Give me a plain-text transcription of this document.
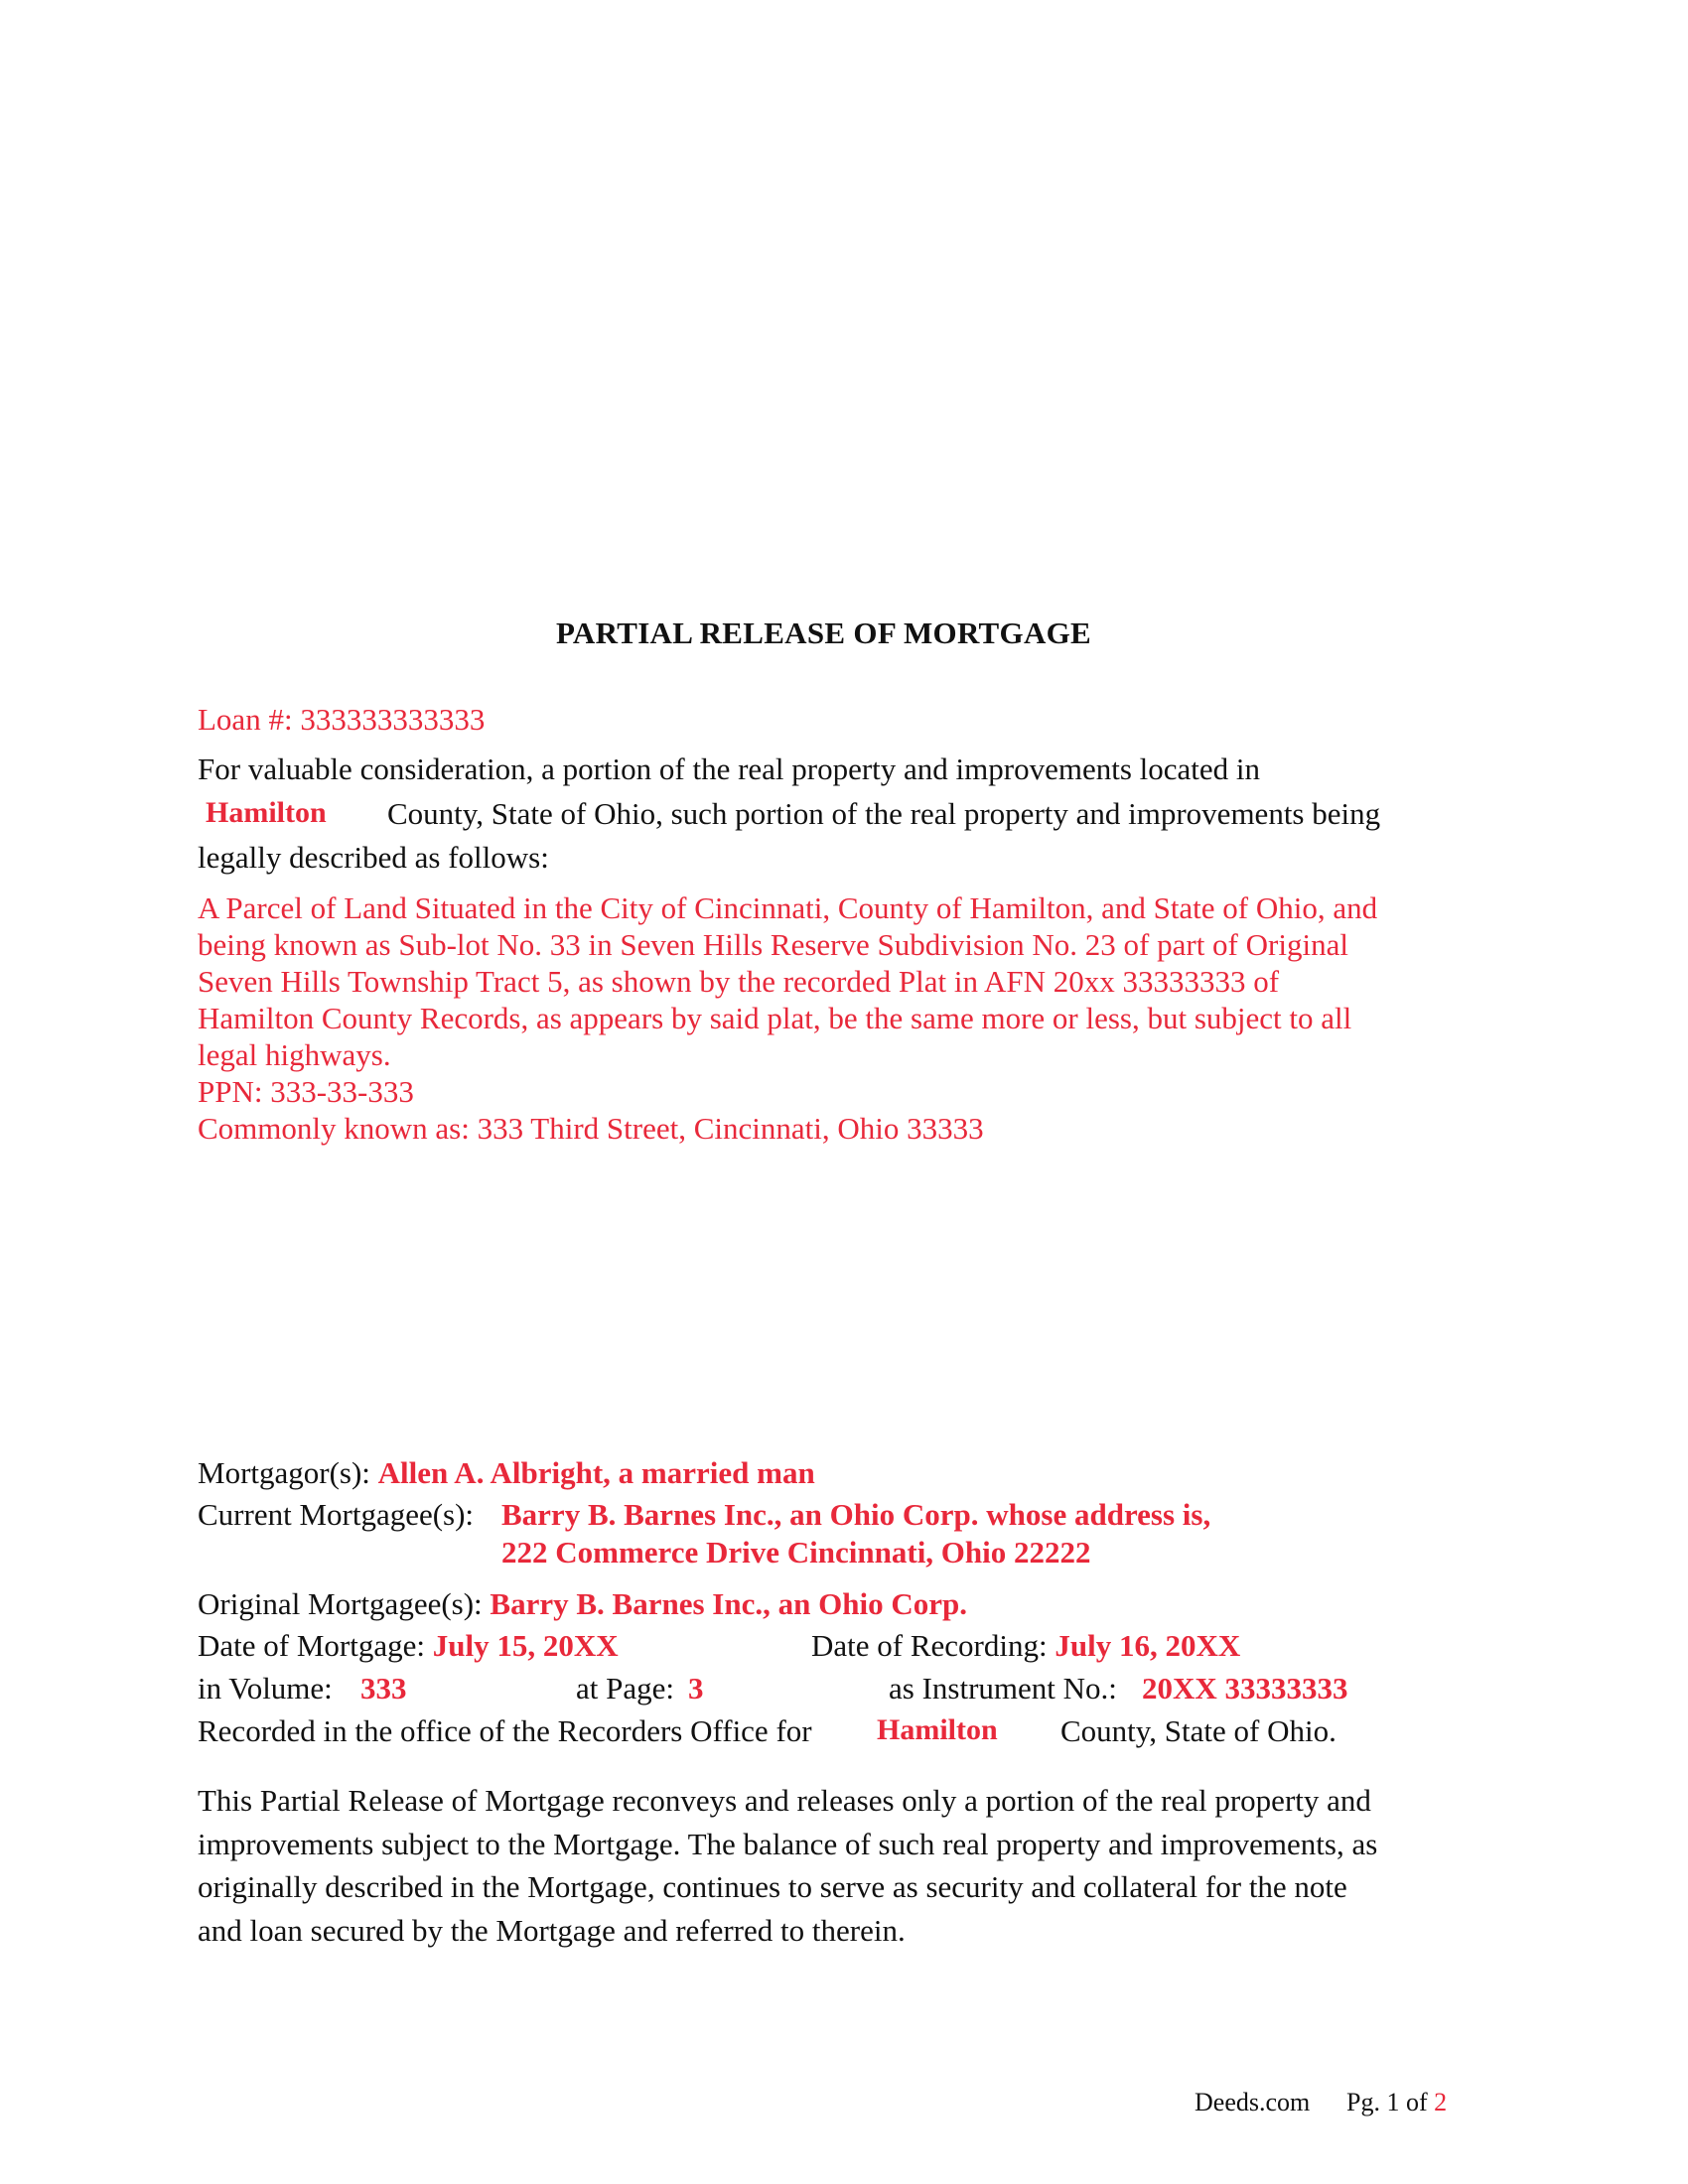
PARTIAL RELEASE OF MORTGAGE
Loan #: 333333333333
For valuable consideration, a portion of the real property and improvements located in
Hamilton County, State of Ohio, such portion of the real property and improvements being
legally described as follows:
A Parcel of Land Situated in the City of Cincinnati, County of Hamilton, and State of Ohio, and
being known as Sub-lot No. 33 in Seven Hills Reserve Subdivision No. 23 of part of Original
Seven Hills Township Tract 5, as shown by the recorded Plat in AFN 20xx 33333333 of
Hamilton County Records, as appears by said plat, be the same more or less, but subject to all
legal highways.
PPN: 333-33-333
Commonly known as: 333 Third Street, Cincinnati, Ohio 33333
Mortgagor(s): Allen A. Albright, a married man
Current Mortgagee(s): Barry B. Barnes Inc., an Ohio Corp. whose address is,
222 Commerce Drive Cincinnati, Ohio 22222
Original Mortgagee(s): Barry B. Barnes Inc., an Ohio Corp.
Date of Mortgage: July 15, 20XX	Date of Recording: July 16, 20XX
in Volume: 333	at Page: 3	as Instrument No.: 20XX 33333333
Recorded in the office of the Recorders Office for Hamilton County, State of Ohio.
This Partial Release of Mortgage reconveys and releases only a portion of the real property and
improvements subject to the Mortgage. The balance of such real property and improvements, as
originally described in the Mortgage, continues to serve as security and collateral for the note
and loan secured by the Mortgage and referred to therein.
Deeds.com Pg. 1 of 2
